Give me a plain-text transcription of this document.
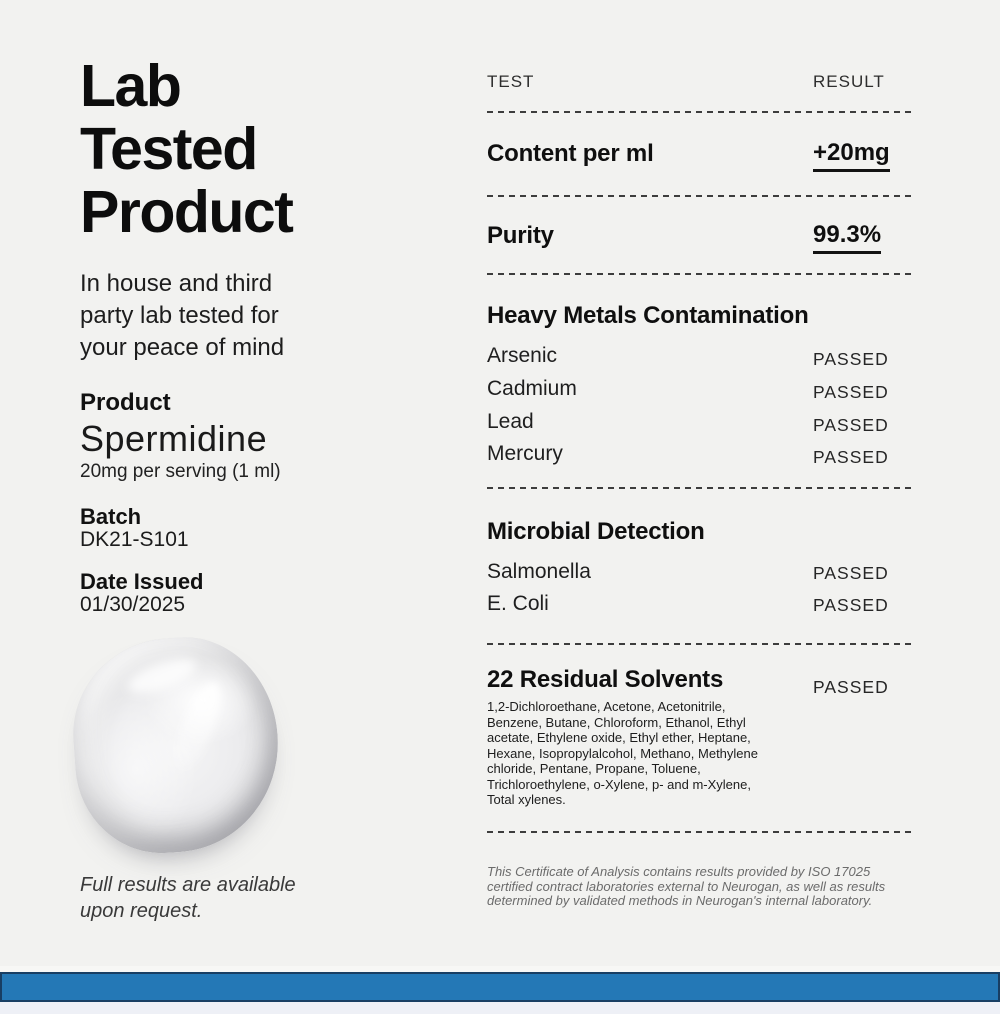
Lab
Tested
Product

In house and third party lab tested for your peace of mind

Product
Spermidine
20mg per serving (1 ml)
Batch
DK21-S101
Date Issued
01/30/2025

Full results are available upon request.

TEST	RESULT
Content per ml	+20mg
Purity	99.3%
Heavy Metals Contamination
Arsenic	PASSED
Cadmium	PASSED
Lead	PASSED
Mercury	PASSED
Microbial Detection
Salmonella	PASSED
E. Coli	PASSED
22 Residual Solvents	PASSED
1,2-Dichloroethane, Acetone, Acetonitrile, Benzene, Butane, Chloroform, Ethanol, Ethyl acetate, Ethylene oxide, Ethyl ether, Heptane, Hexane, Isopropylalcohol, Methano, Methylene chloride, Pentane, Propane, Toluene, Trichloroethylene, o-Xylene, p- and m-Xylene, Total xylenes.
This Certificate of Analysis contains results provided by ISO 17025 certified contract laboratories external to Neurogan, as well as results determined by validated methods in Neurogan's internal laboratory.
